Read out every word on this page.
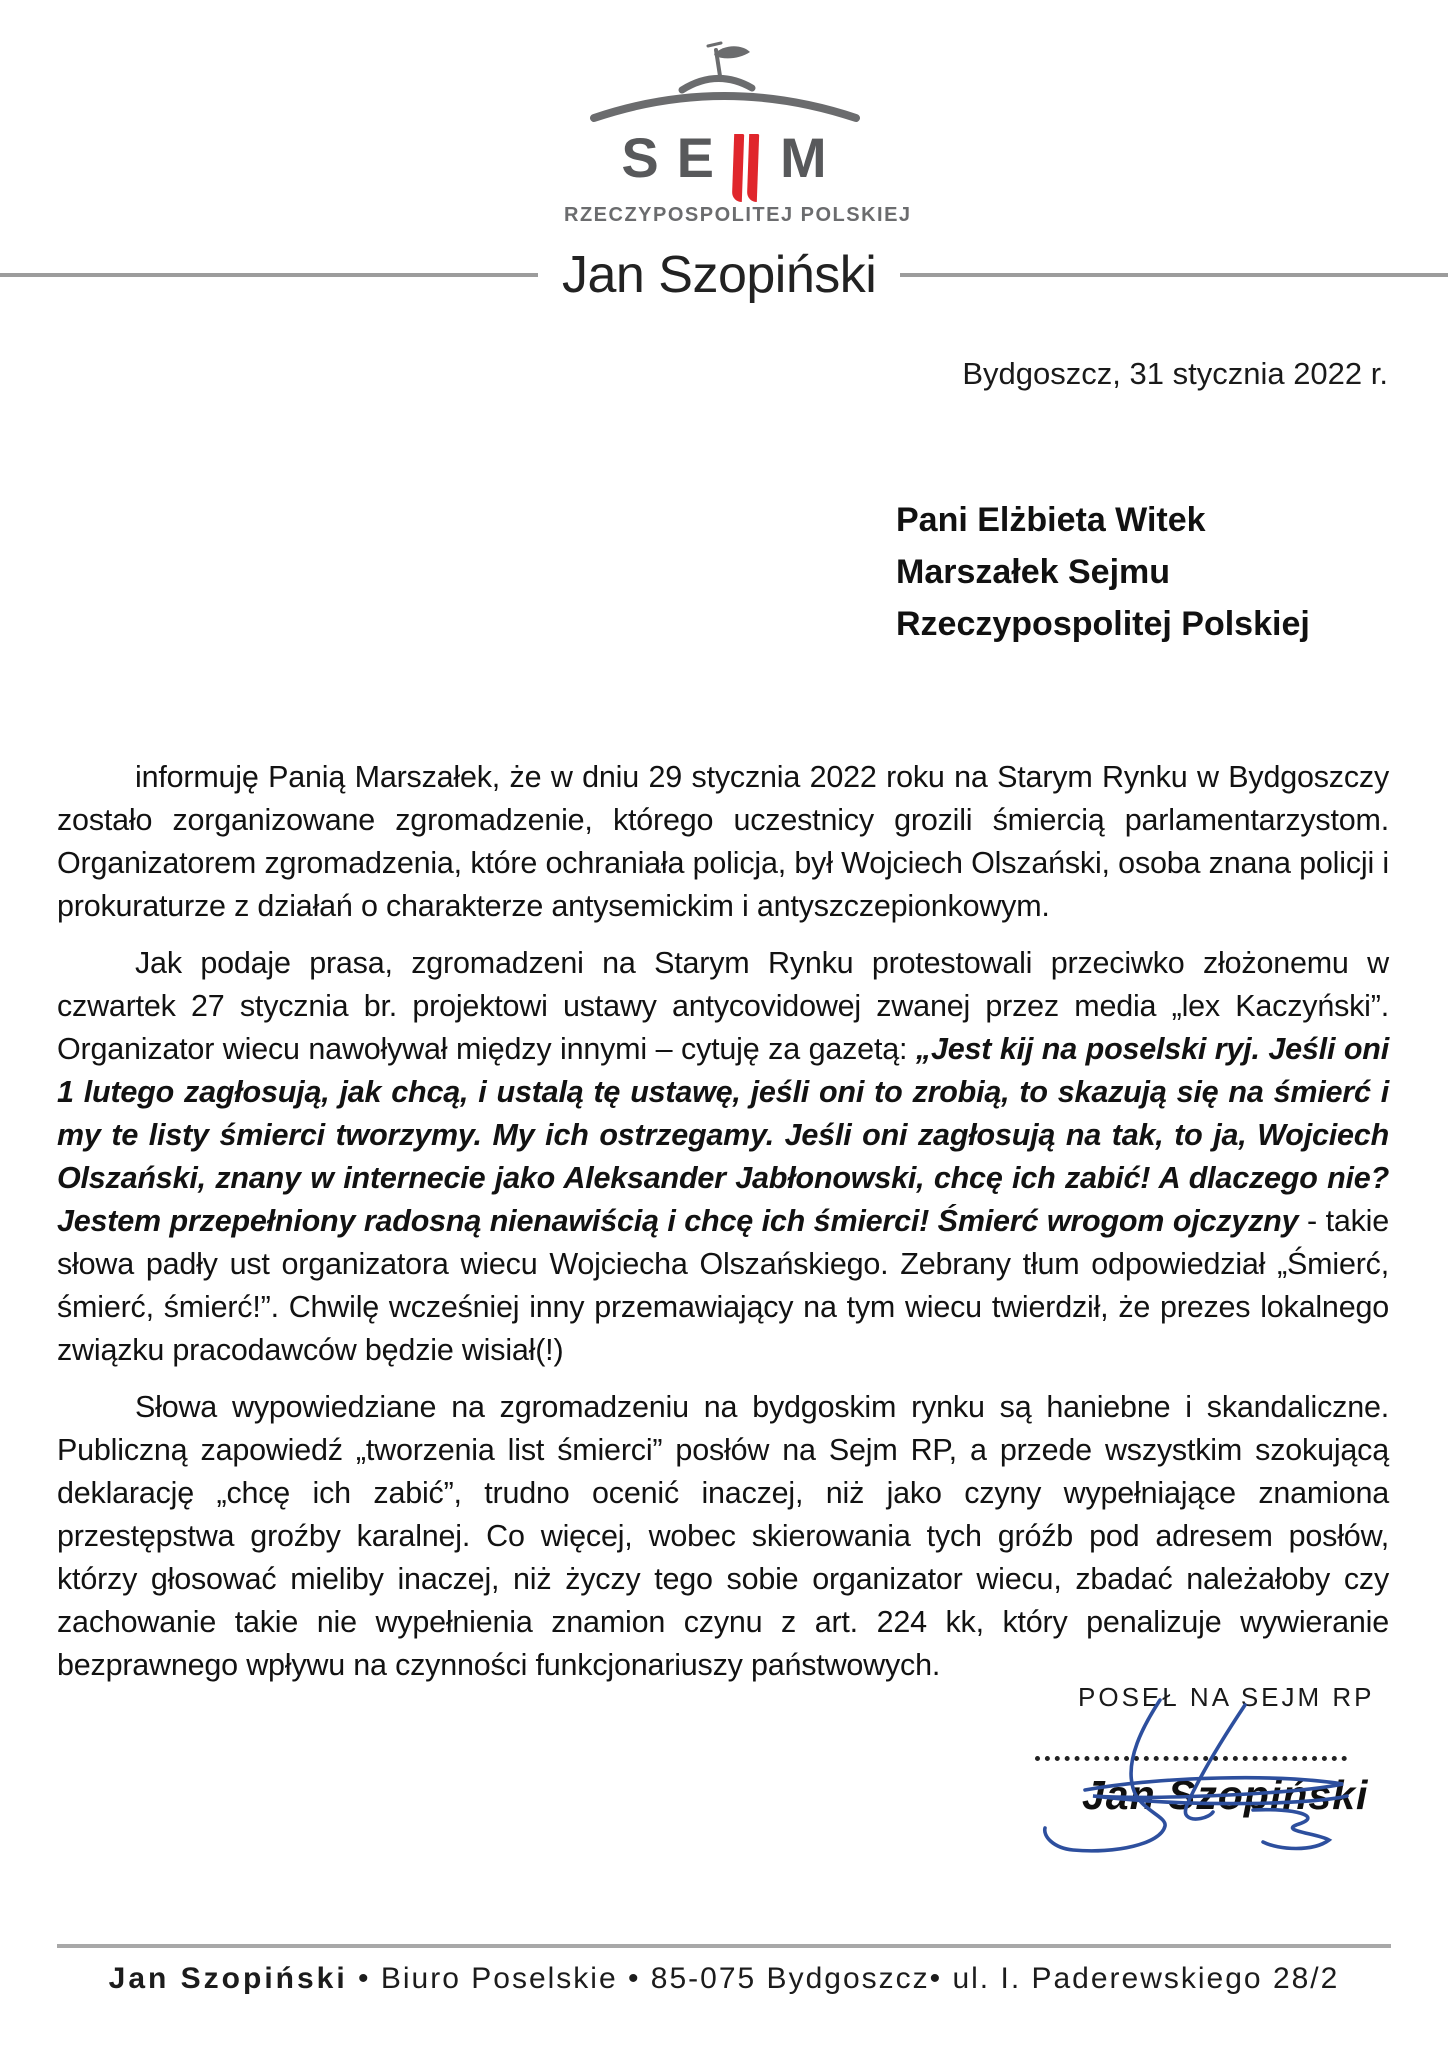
S E M
RZECZYPOSPOLITEJ POLSKIEJ
Jan Szopiński
Bydgoszcz, 31 stycznia 2022 r.
Pani Elżbieta Witek
Marszałek Sejmu
Rzeczypospolitej Polskiej

informuję Panią Marszałek, że w dniu 29 stycznia 2022 roku na Starym Rynku w Bydgoszczy zostało zorganizowane zgromadzenie, którego uczestnicy grozili śmiercią parlamentarzystom. Organizatorem zgromadzenia, które ochraniała policja, był Wojciech Olszański, osoba znana policji i prokuraturze z działań o charakterze antysemickim i antyszczepionkowym.

Jak podaje prasa, zgromadzeni na Starym Rynku protestowali przeciwko złożonemu w czwartek 27 stycznia br. projektowi ustawy antycovidowej zwanej przez media „lex Kaczyński”. Organizator wiecu nawoływał między innymi – cytuję za gazetą: „Jest kij na poselski ryj. Jeśli oni 1 lutego zagłosują, jak chcą, i ustalą tę ustawę, jeśli oni to zrobią, to skazują się na śmierć i my te listy śmierci tworzymy. My ich ostrzegamy. Jeśli oni zagłosują na tak, to ja, Wojciech Olszański, znany w internecie jako Aleksander Jabłonowski, chcę ich zabić! A dlaczego nie? Jestem przepełniony radosną nienawiścią i chcę ich śmierci! Śmierć wrogom ojczyzny - takie słowa padły ust organizatora wiecu Wojciecha Olszańskiego. Zebrany tłum odpowiedział „Śmierć, śmierć, śmierć!”. Chwilę wcześniej inny przemawiający na tym wiecu twierdził, że prezes lokalnego związku pracodawców będzie wisiał(!)

Słowa wypowiedziane na zgromadzeniu na bydgoskim rynku są haniebne i skandaliczne. Publiczną zapowiedź „tworzenia list śmierci” posłów na Sejm RP, a przede wszystkim szokującą deklarację „chcę ich zabić”, trudno ocenić inaczej, niż jako czyny wypełniające znamiona przestępstwa groźby karalnej. Co więcej, wobec skierowania tych gróźb pod adresem posłów, którzy głosować mieliby inaczej, niż życzy tego sobie organizator wiecu, zbadać należałoby czy zachowanie takie nie wypełnienia znamion czynu z art. 224 kk, który penalizuje wywieranie bezprawnego wpływu na czynności funkcjonariuszy państwowych.

POSEŁ NA SEJM RP
Jan Szopiński
Jan Szopiński • Biuro Poselskie • 85-075 Bydgoszcz• ul. I. Paderewskiego 28/2
